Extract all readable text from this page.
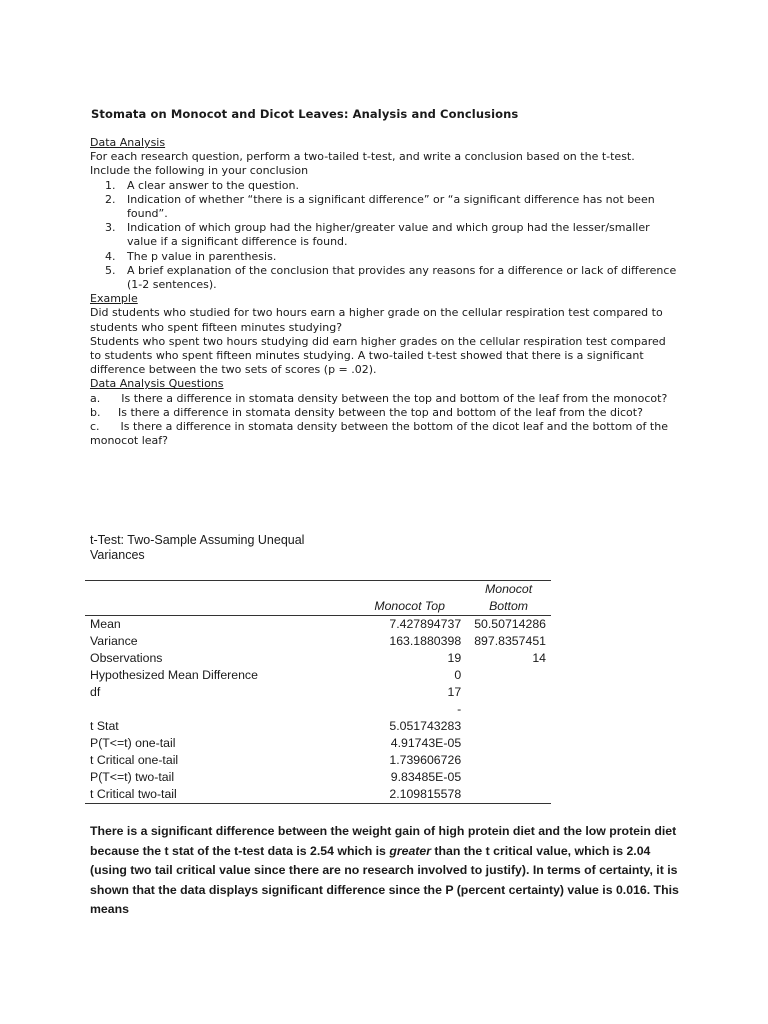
Stomata on Monocot and Dicot Leaves: Analysis and Conclusions
Data Analysis
For each research question, perform a two-tailed t-test, and write a conclusion based on the t-test.
Include the following in your conclusion
1. A clear answer to the question.
2. Indication of whether “there is a significant difference” or “a significant difference has not been found”.
3. Indication of which group had the higher/greater value and which group had the lesser/smaller value if a significant difference is found.
4. The p value in parenthesis.
5. A brief explanation of the conclusion that provides any reasons for a difference or lack of difference (1-2 sentences).
Example
Did students who studied for two hours earn a higher grade on the cellular respiration test compared to students who spent fifteen minutes studying?
Students who spent two hours studying did earn higher grades on the cellular respiration test compared to students who spent fifteen minutes studying. A two-tailed t-test showed that there is a significant difference between the two sets of scores (p = .02).
Data Analysis Questions
a. Is there a difference in stomata density between the top and bottom of the leaf from the monocot?
b. Is there a difference in stomata density between the top and bottom of the leaf from the dicot?
c. Is there a difference in stomata density between the bottom of the dicot leaf and the bottom of the monocot leaf?
t-Test: Two-Sample Assuming Unequal
Variances
	Monocot Top	Monocot
Bottom

Mean	7.427894737	50.50714286
Variance	163.1880398	897.8357451
Observations	19	14
Hypothesized Mean Difference	0	
df	17	
	-	
t Stat	5.051743283	
P(T<=t) one-tail	4.91743E-05	
t Critical one-tail	1.739606726	
P(T<=t) two-tail	9.83485E-05	
t Critical two-tail	2.109815578	
There is a significant difference between the weight gain of high protein diet and the low protein diet because the t stat of the t-test data is 2.54 which is greater than the t critical value, which is 2.04 (using two tail critical value since there are no research involved to justify). In terms of certainty, it is shown that the data displays significant difference since the P (percent certainty) value is 0.016. This means
